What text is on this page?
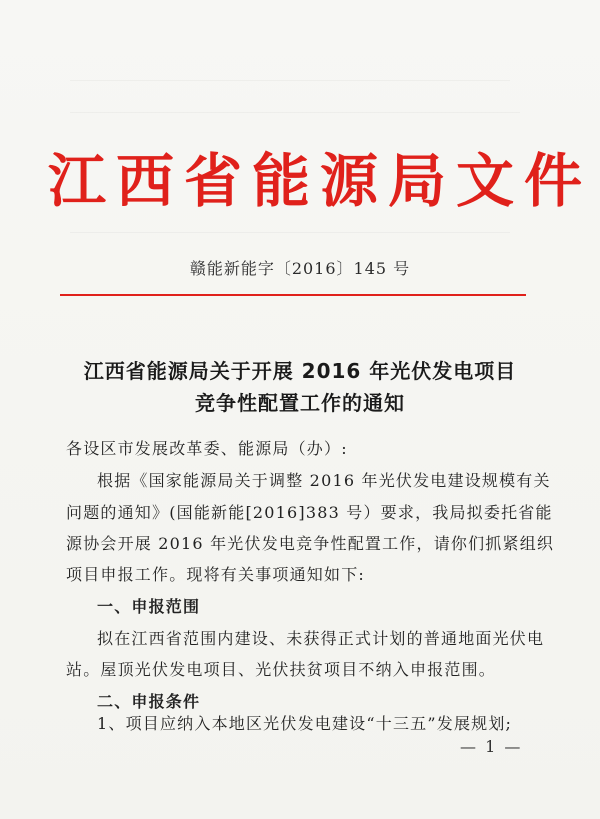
江西省能源局文件
赣能新能字〔2016〕145 号
江西省能源局关于开展 2016 年光伏发电项目
竞争性配置工作的通知
各设区市发展改革委、能源局（办）:
根据《国家能源局关于调整 2016 年光伏发电建设规模有关
问题的通知》(国能新能[2016]383 号）要求，我局拟委托省能
源协会开展 2016 年光伏发电竞争性配置工作，请你们抓紧组织
项目申报工作。现将有关事项通知如下:
一、申报范围
拟在江西省范围内建设、未获得正式计划的普通地面光伏电
站。屋顶光伏发电项目、光伏扶贫项目不纳入申报范围。
二、申报条件
1、项目应纳入本地区光伏发电建设“十三五”发展规划;
— 1 —
